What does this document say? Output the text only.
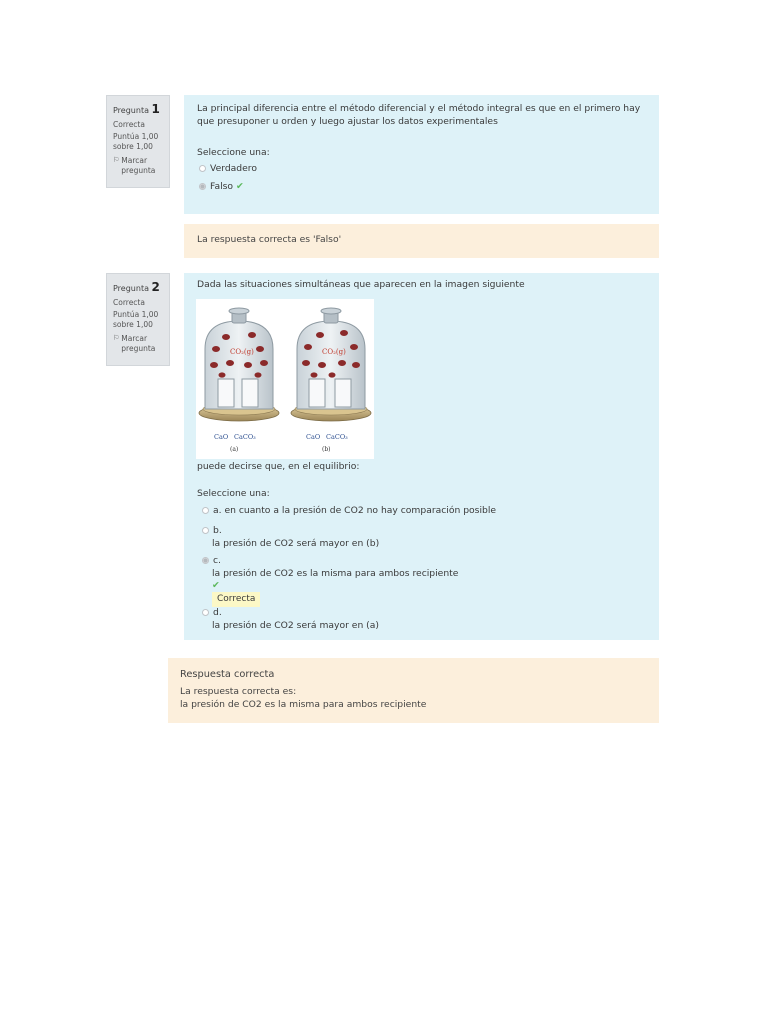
Pregunta 1
Correcta
Puntúa 1,00
sobre 1,00
⚐ Marcar
pregunta
La principal diferencia entre el método diferencial y el método integral es que en el primero hay
que presuponer u orden y luego ajustar los datos experimentales
Seleccione una:
Verdadero
Falso ✔
La respuesta correcta es 'Falso'
Pregunta 2
Correcta
Puntúa 1,00
sobre 1,00
⚐ Marcar
pregunta
Dada las situaciones simultáneas que aparecen en la imagen siguiente
CO₂(g)
CaO CaCO₃
(a)
CO₂(g)
CaO CaCO₃
(b)
puede decirse que, en el equilibrio:
Seleccione una:
a. en cuanto a la presión de CO2 no hay comparación posible
b.
la presión de CO2 será mayor en (b)
c.
la presión de CO2 es la misma para ambos recipiente
✔
Correcta
d.
la presión de CO2 será mayor en (a)
Respuesta correcta
La respuesta correcta es:
la presión de CO2 es la misma para ambos recipiente
